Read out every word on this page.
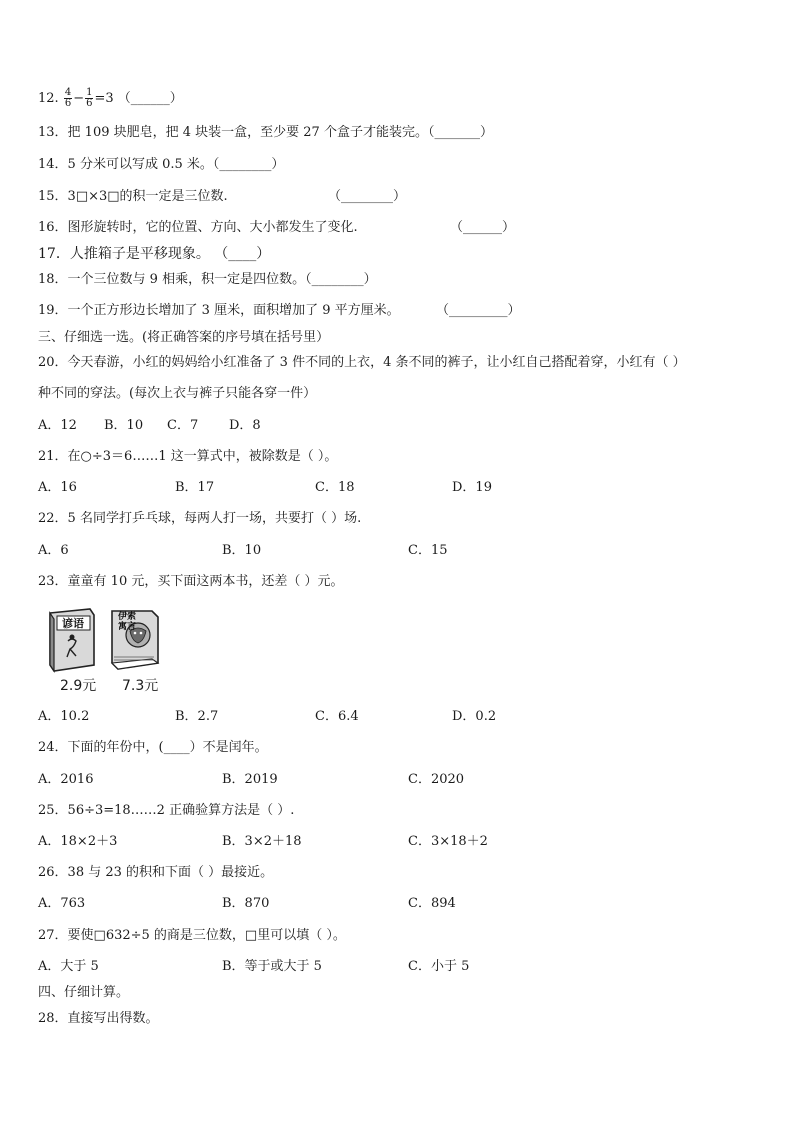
12. $\frac{4}{6} - \frac{1}{6} =3$ （______）
13．把 109 块肥皂，把 4 块装一盒，至少要 27 个盒子才能装完。（_______）
14．5 分米可以写成 0.5 米。（________）
15．3□×3□的积一定是三位数.	（________）
16．图形旋转时，它的位置、方向、大小都发生了变化.	（______）
17．人推箱子是平移现象。 （____）
18．一个三位数与 9 相乘，积一定是四位数。（________）
19．一个正方形边长增加了 3 厘米，面积增加了 9 平方厘米。	（_________）
三、仔细选一选。(将正确答案的序号填在括号里）
20．今天春游，小红的妈妈给小红准备了 3 件不同的上衣，4 条不同的裤子，让小红自己搭配着穿，小红有（ ）
种不同的穿法。(每次上衣与裤子只能各穿一件）
A．12 B．10 C．7 D．8
21．在○÷3＝6……1 这一算式中，被除数是（ ）。
A．16	B．17	C．18	D．19
22．5 名同学打乒乓球，每两人打一场，共要打（ ）场.
A．6	B．10	C．15
23．童童有 10 元，买下面这两本书，还差（ ）元。
谚语
2.9元 7.3元
伊索寓言
A．10.2	B．2.7	C．6.4	D．0.2
24．下面的年份中，(____）不是闰年。
A．2016	B．2019	C．2020
25．56÷3=18……2 正确验算方法是（ ）.
A．18×2＋3	B．3×2＋18	C．3×18＋2
26．38 与 23 的积和下面（ ）最接近。
A．763	B．870	C．894
27．要使□632÷5 的商是三位数，□里可以填（ ）。
A．大于 5	B．等于或大于 5	C．小于 5
四、仔细计算。
28．直接写出得数。
